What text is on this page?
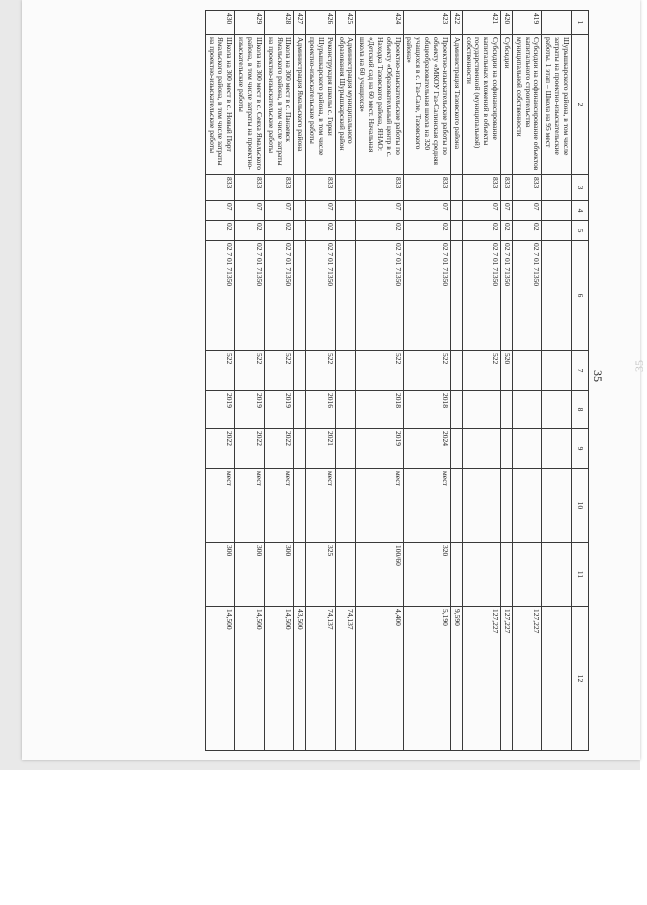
35
35
1	2	3	4	5	6	7	8	9	10	11	12
	Шурышкарского района, в том числе затраты на проектно-изыскательские работы. 1 этап – Школа на 95 мест										
419	Субсидии на софинансирование объектов капитального строительства муниципальной собственности	833	07	02	02 7 01 71350						127,227
420	Субсидии	833	07	02	02 7 01 71350	520					127,227
421	Субсидии на софинансирование капитальных вложений в объекты государственной (муниципальной) собственности	833	07	02	02 7 01 71350	522					127,227
422	Администрация Тазовского района										9,590
423	Проектно-изыскательские работы по объекту «МКОУ Газ-Салинская средняя общеобразовательная школа на 320 учащихся в с. Газ-Сале, Тазовского района»	833	07	02	02 7 01 71350	522	2018	2024	мест	320	5,190
424	Проектно-изыскательские работы по объекту «Образовательный центр в с. Находка Тазовского района, ЯНАО: «Детский сад на 60 мест. Начальная школа на 60 учащихся»	833	07	02	02 7 01 71350	522	2018	2019	мест	100/60	4,400
425	Администрация муниципального образования Шурышкарский район										74,137
426	Реконструкция школы с. Горки Шурышкарского района, в том числе проектно-изыскательские работы	833	07	02	02 7 01 71350	522	2016	2021	мест	325	74,137
427	Администрация Ямальского района										43,500
428	Школа на 300 мест в с. Панаевск Ямальского района, в том числе затраты на проектно-изыскательские работы	833	07	02	02 7 01 71350	522	2019	2022	мест	300	14,500
429	Школа на 300 мест в с. Сеяха Ямальского района, в том числе затраты на проектно-изыскательские работы	833	07	02	02 7 01 71350	522	2019	2022	мест	300	14,500
430	Школа на 300 мест в с. Новый Порт Ямальского района, в том числе затраты на проектно-изыскательские работы	833	07	02	02 7 01 71350	522	2019	2022	мест	300	14,500
